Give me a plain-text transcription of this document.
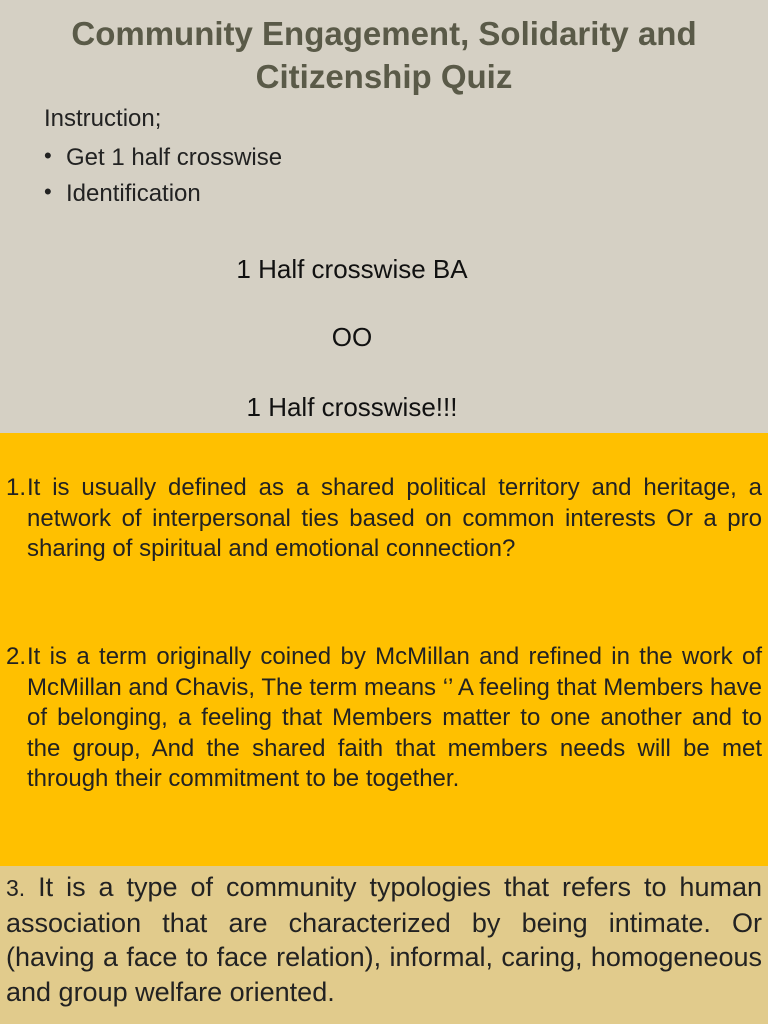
Community Engagement, Solidarity and Citizenship Quiz
Instruction;
• Get 1 half crosswise
• Identification
1 Half crosswise BA
OO
1 Half crosswise!!!
1. It is usually defined as a shared political territory and heritage, a network of interpersonal ties based on common interests Or a pro sharing of spiritual and emotional connection?
2. It is a term originally coined by McMillan and refined in the work of McMillan and Chavis, The term means ‘’ A feeling that Members have of belonging, a feeling that Members matter to one another and to the group, And the shared faith that members needs will be met through their commitment to be together.
3. It is a type of community typologies that refers to human association that are characterized by being intimate. Or (having a face to face relation), informal, caring, homogeneous and group welfare oriented.
